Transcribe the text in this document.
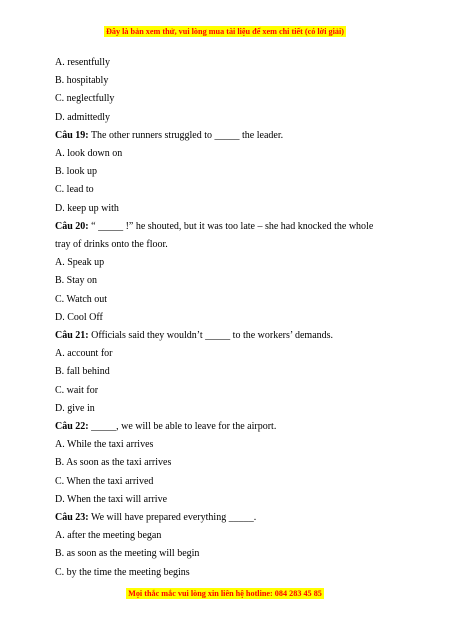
Đây là bản xem thử, vui lòng mua tài liệu để xem chi tiết (có lời giải)
A. resentfully
B. hospitably
C. neglectfully
D. admittedly
Câu 19: The other runners struggled to _____ the leader.
A. look down on
B. look up
C. lead to
D. keep up with
Câu 20: “ _____ !” he shouted, but it was too late – she had knocked the whole
tray of drinks onto the floor.
A. Speak up
B. Stay on
C. Watch out
D. Cool Off
Câu 21: Officials said they wouldn’t _____ to the workers’ demands.
A. account for
B. fall behind
C. wait for
D. give in
Câu 22: _____, we will be able to leave for the airport.
A. While the taxi arrives
B. As soon as the taxi arrives
C. When the taxi arrived
D. When the taxi will arrive
Câu 23: We will have prepared everything _____.
A. after the meeting began
B. as soon as the meeting will begin
C. by the time the meeting begins
Mọi thắc mắc vui lòng xin liên hệ hotline: 084 283 45 85
